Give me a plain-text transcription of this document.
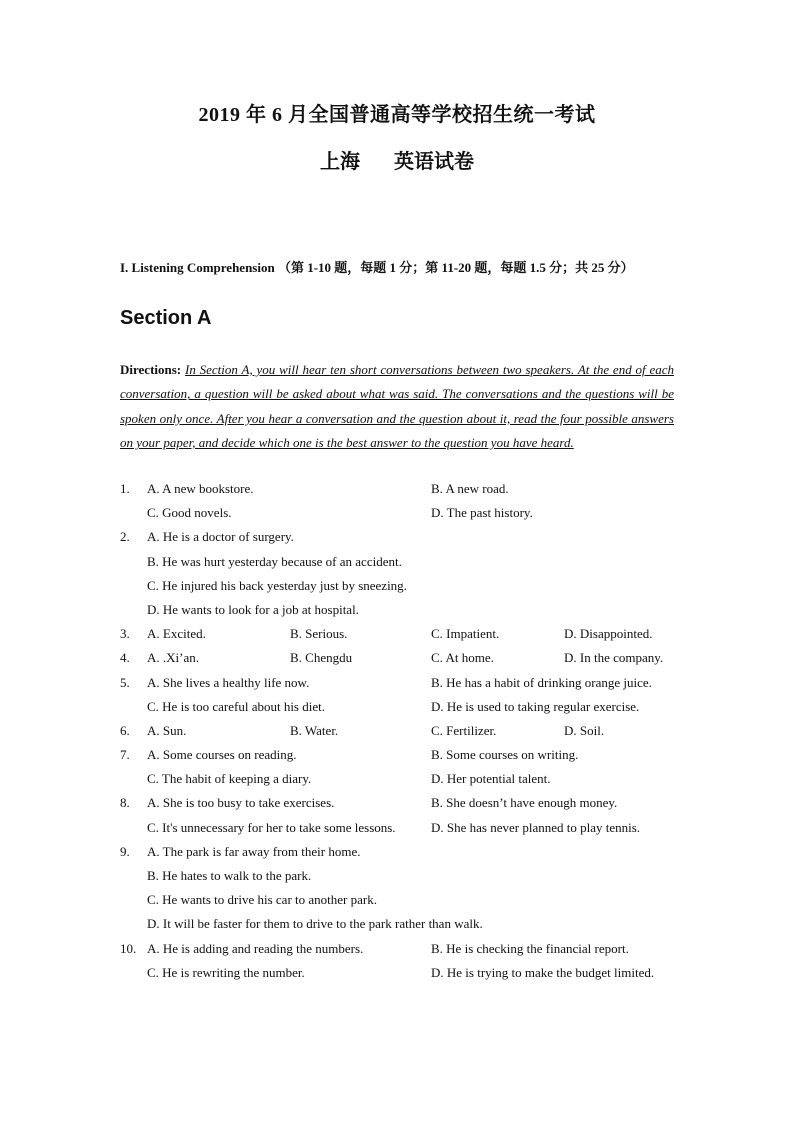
2019 年 6 月全国普通高等学校招生统一考试
上海 英语试卷
I. Listening Comprehension （第 1-10 题，每题 1 分；第 11-20 题，每题 1.5 分；共 25 分）
Section A
Directions: In Section A, you will hear ten short conversations between two speakers. At the end of each conversation, a question will be asked about what was said. The conversations and the questions will be spoken only once. After you hear a conversation and the question about it, read the four possible answers on your paper, and decide which one is the best answer to the question you have heard.
1. A. A new bookstore.	B. A new road.
C. Good novels.	D. The past history.
2. A. He is a doctor of surgery.
B. He was hurt yesterday because of an accident.
C. He injured his back yesterday just by sneezing.
D. He wants to look for a job at hospital.
3. A. Excited.	B. Serious.	C. Impatient.	D. Disappointed.
4. A. .Xi’an.	B. Chengdu	C. At home.	D. In the company.
5. A. She lives a healthy life now.	B. He has a habit of drinking orange juice.
C. He is too careful about his diet.	D. He is used to taking regular exercise.
6. A. Sun.	B. Water.	C. Fertilizer.	D. Soil.
7. A. Some courses on reading.	B. Some courses on writing.
C. The habit of keeping a diary.	D. Her potential talent.
8. A. She is too busy to take exercises.	B. She doesn’t have enough money.
C. It's unnecessary for her to take some lessons.	D. She has never planned to play tennis.
9. A. The park is far away from their home.
B. He hates to walk to the park.
C. He wants to drive his car to another park.
D. It will be faster for them to drive to the park rather than walk.
10. A. He is adding and reading the numbers.	B. He is checking the financial report.
C. He is rewriting the number.	D. He is trying to make the budget limited.
